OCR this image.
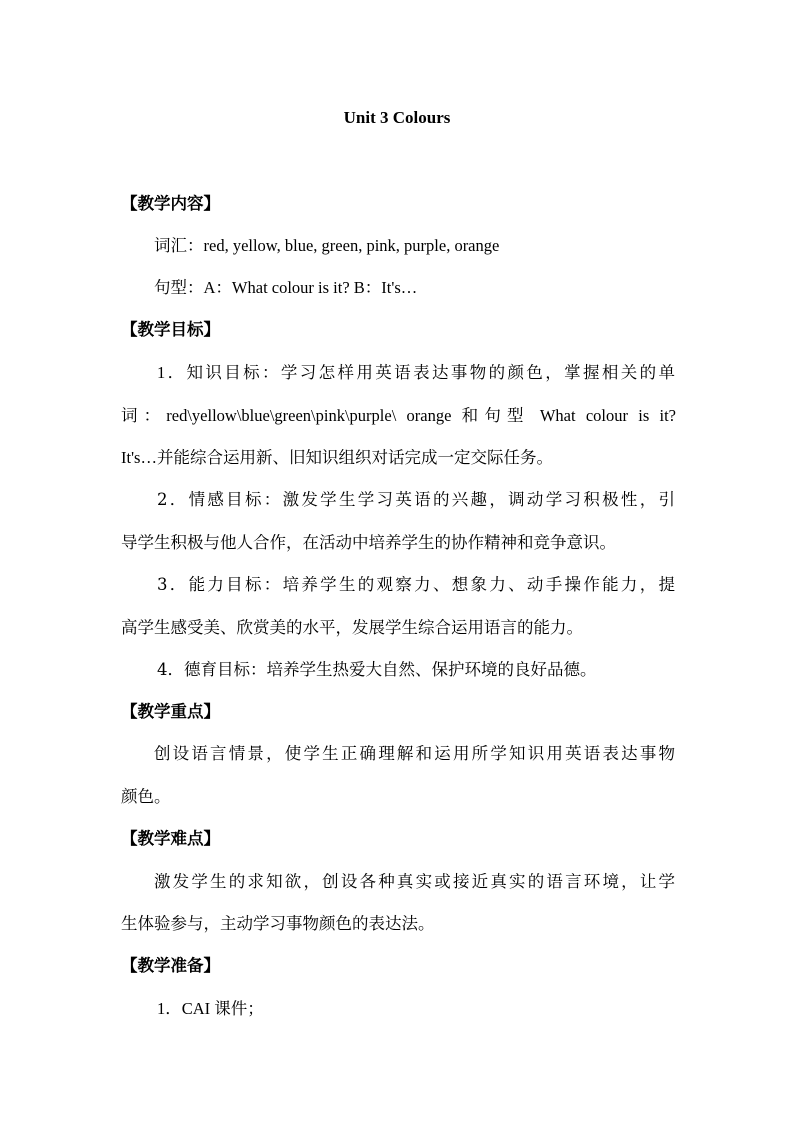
Unit 3 Colours
【教学内容】
词汇：red, yellow, blue, green, pink, purple, orange
句型：A：What colour is it? B：It's…
【教学目标】
1．知识目标：学习怎样用英语表达事物的颜色，掌握相关的单
词：red\yellow\blue\green\pink\purple\ orange 和句型 What colour is it?
It's…并能综合运用新、旧知识组织对话完成一定交际任务。
2．情感目标：激发学生学习英语的兴趣，调动学习积极性，引
导学生积极与他人合作，在活动中培养学生的协作精神和竞争意识。
3．能力目标：培养学生的观察力、想象力、动手操作能力，提
高学生感受美、欣赏美的水平，发展学生综合运用语言的能力。
4．德育目标：培养学生热爱大自然、保护环境的良好品德。
【教学重点】
创设语言情景，使学生正确理解和运用所学知识用英语表达事物
颜色。
【教学难点】
激发学生的求知欲，创设各种真实或接近真实的语言环境，让学
生体验参与，主动学习事物颜色的表达法。
【教学准备】
1．CAI 课件；
